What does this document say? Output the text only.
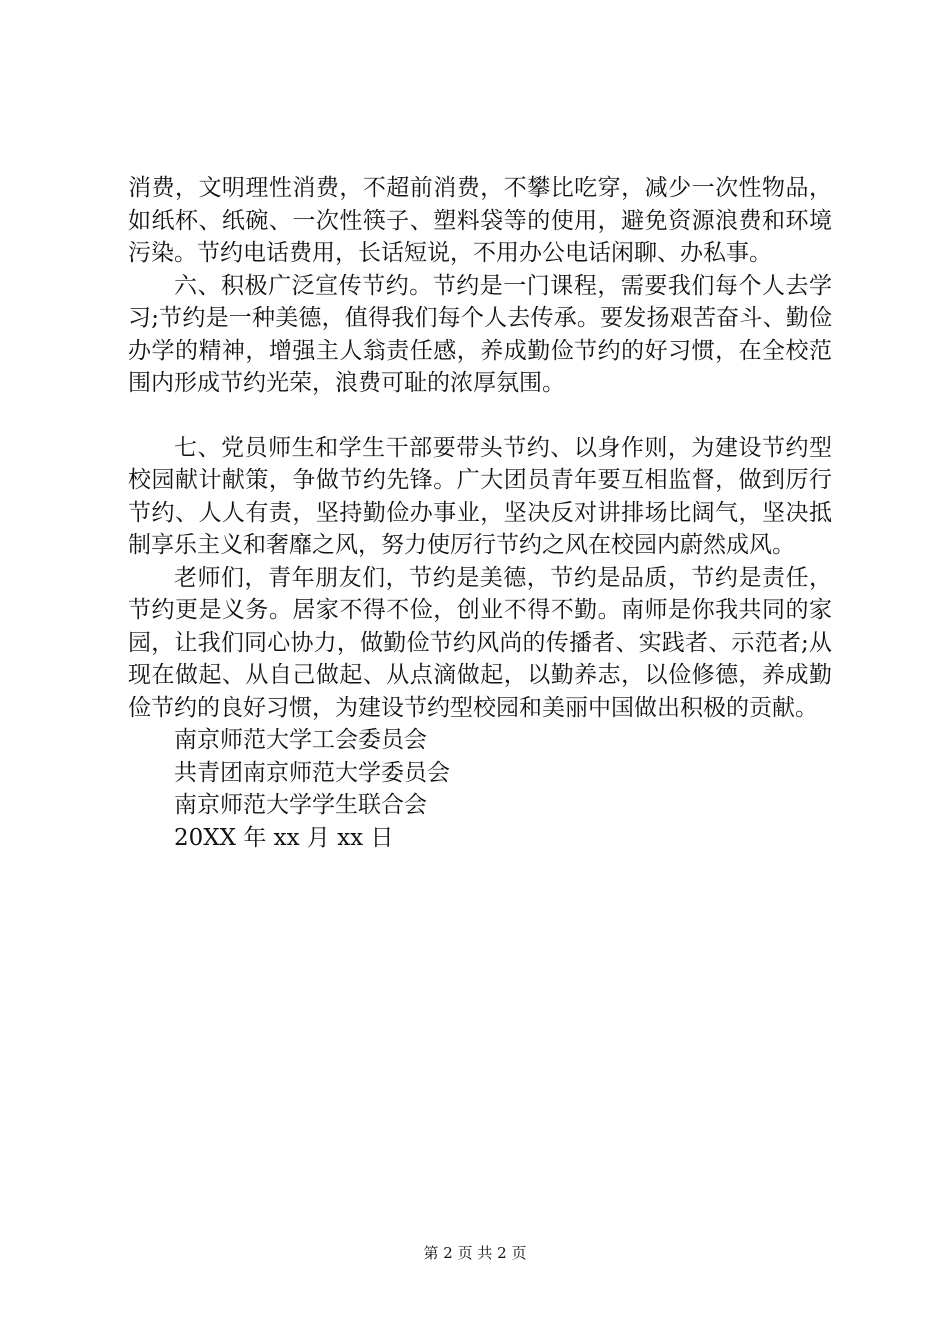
消费，文明理性消费，不超前消费，不攀比吃穿，减少一次性物品，如纸杯、纸碗、一次性筷子、塑料袋等的使用，避免资源浪费和环境污染。节约电话费用，长话短说，不用办公电话闲聊、办私事。

六、积极广泛宣传节约。节约是一门课程，需要我们每个人去学习;节约是一种美德，值得我们每个人去传承。要发扬艰苦奋斗、勤俭办学的精神，增强主人翁责任感，养成勤俭节约的好习惯，在全校范围内形成节约光荣，浪费可耻的浓厚氛围。

七、党员师生和学生干部要带头节约、以身作则，为建设节约型校园献计献策，争做节约先锋。广大团员青年要互相监督，做到厉行节约、人人有责，坚持勤俭办事业，坚决反对讲排场比阔气，坚决抵制享乐主义和奢靡之风，努力使厉行节约之风在校园内蔚然成风。

老师们，青年朋友们，节约是美德，节约是品质，节约是责任，节约更是义务。居家不得不俭，创业不得不勤。南师是你我共同的家园，让我们同心协力，做勤俭节约风尚的传播者、实践者、示范者;从现在做起、从自己做起、从点滴做起，以勤养志，以俭修德，养成勤俭节约的良好习惯，为建设节约型校园和美丽中国做出积极的贡献。

南京师范大学工会委员会

共青团南京师范大学委员会

南京师范大学学生联合会

20XX 年 xx 月 xx 日

第 2 页 共 2 页
